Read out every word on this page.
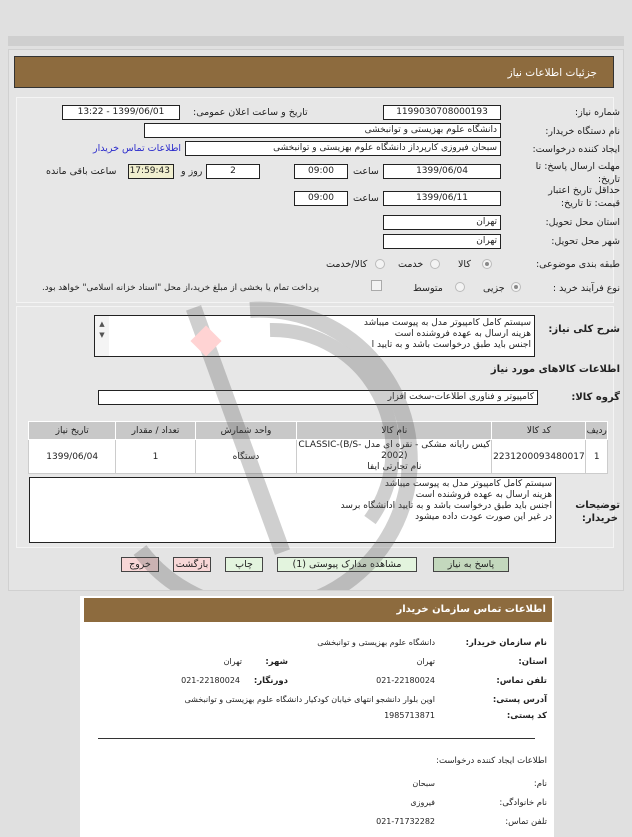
جزئیات اطلاعات نیاز
شماره نیاز:
1199030708000193
تاریخ و ساعت اعلان عمومی:
1399/06/01 - 13:22
نام دستگاه خریدار:
دانشگاه علوم بهزیستی و توانبخشی
ایجاد کننده درخواست:
سبحان فیروزی کارپرداز دانشگاه علوم بهزیستی و توانبخشی
اطلاعات تماس خریدار
مهلت ارسال پاسخ: تا
تاریخ:
1399/06/04
ساعت
09:00
2
روز و
17:59:43
ساعت باقی مانده
حداقل تاریخ اعتبار
قیمت: تا تاریخ:
1399/06/11
ساعت
09:00
استان محل تحویل:
تهران
شهر محل تحویل:
تهران
طبقه بندی موضوعی:
کالا
خدمت
کالا/خدمت
نوع فرآیند خرید :
جزیی
متوسط
پرداخت تمام یا بخشی از مبلغ خرید،از محل "اسناد خزانه اسلامی" خواهد بود.
شرح کلی نیاز:
▲
▼
سیستم کامل کامپیوتر مدل به پیوست میباشد
هزینه ارسال به عهده فروشنده است
اجنس باید طبق درخواست باشد و به تایید ا
اطلاعات کالاهای مورد نیاز
گروه کالا:
کامپیوتر و فناوری اطلاعات-سخت افزار
ردیف	کد کالا	نام کالا	واحد شمارش	تعداد / مقدار	تاریخ نیاز
1	2231200093480017	کیس رایانه مشکی - نقره ای مدل CLASSIC-(B/S-2002)
نام تجارتی ایفا	دستگاه	1	1399/06/04
توضیحات
خریدار:
سیستم کامل کامپیوتر مدل به پیوست میباشد
هزینه ارسال به عهده فروشنده است
اجنس باید طبق درخواست باشد و به تایید ادانشگاه برسد
در غیر این صورت عودت داده میشود
پاسخ به نیاز
مشاهده مدارک پیوستی (1)
چاپ
بازگشت
خروج
اطلاعات تماس سازمان خریدار
نام سازمان خریدار:
دانشگاه علوم بهزیستی و توانبخشی
استان:
تهران
شهر:
تهران
تلفن تماس:
021-22180024
دورنگار:
021-22180024
آدرس پستی:
اوین بلوار دانشجو انتهای خیابان کودکیار دانشگاه علوم بهزیستی و توانبخشی
کد پستی:
1985713871
اطلاعات ایجاد کننده درخواست:
نام:
سبحان
نام خانوادگی:
فیروزی
تلفن تماس:
021-71732282
